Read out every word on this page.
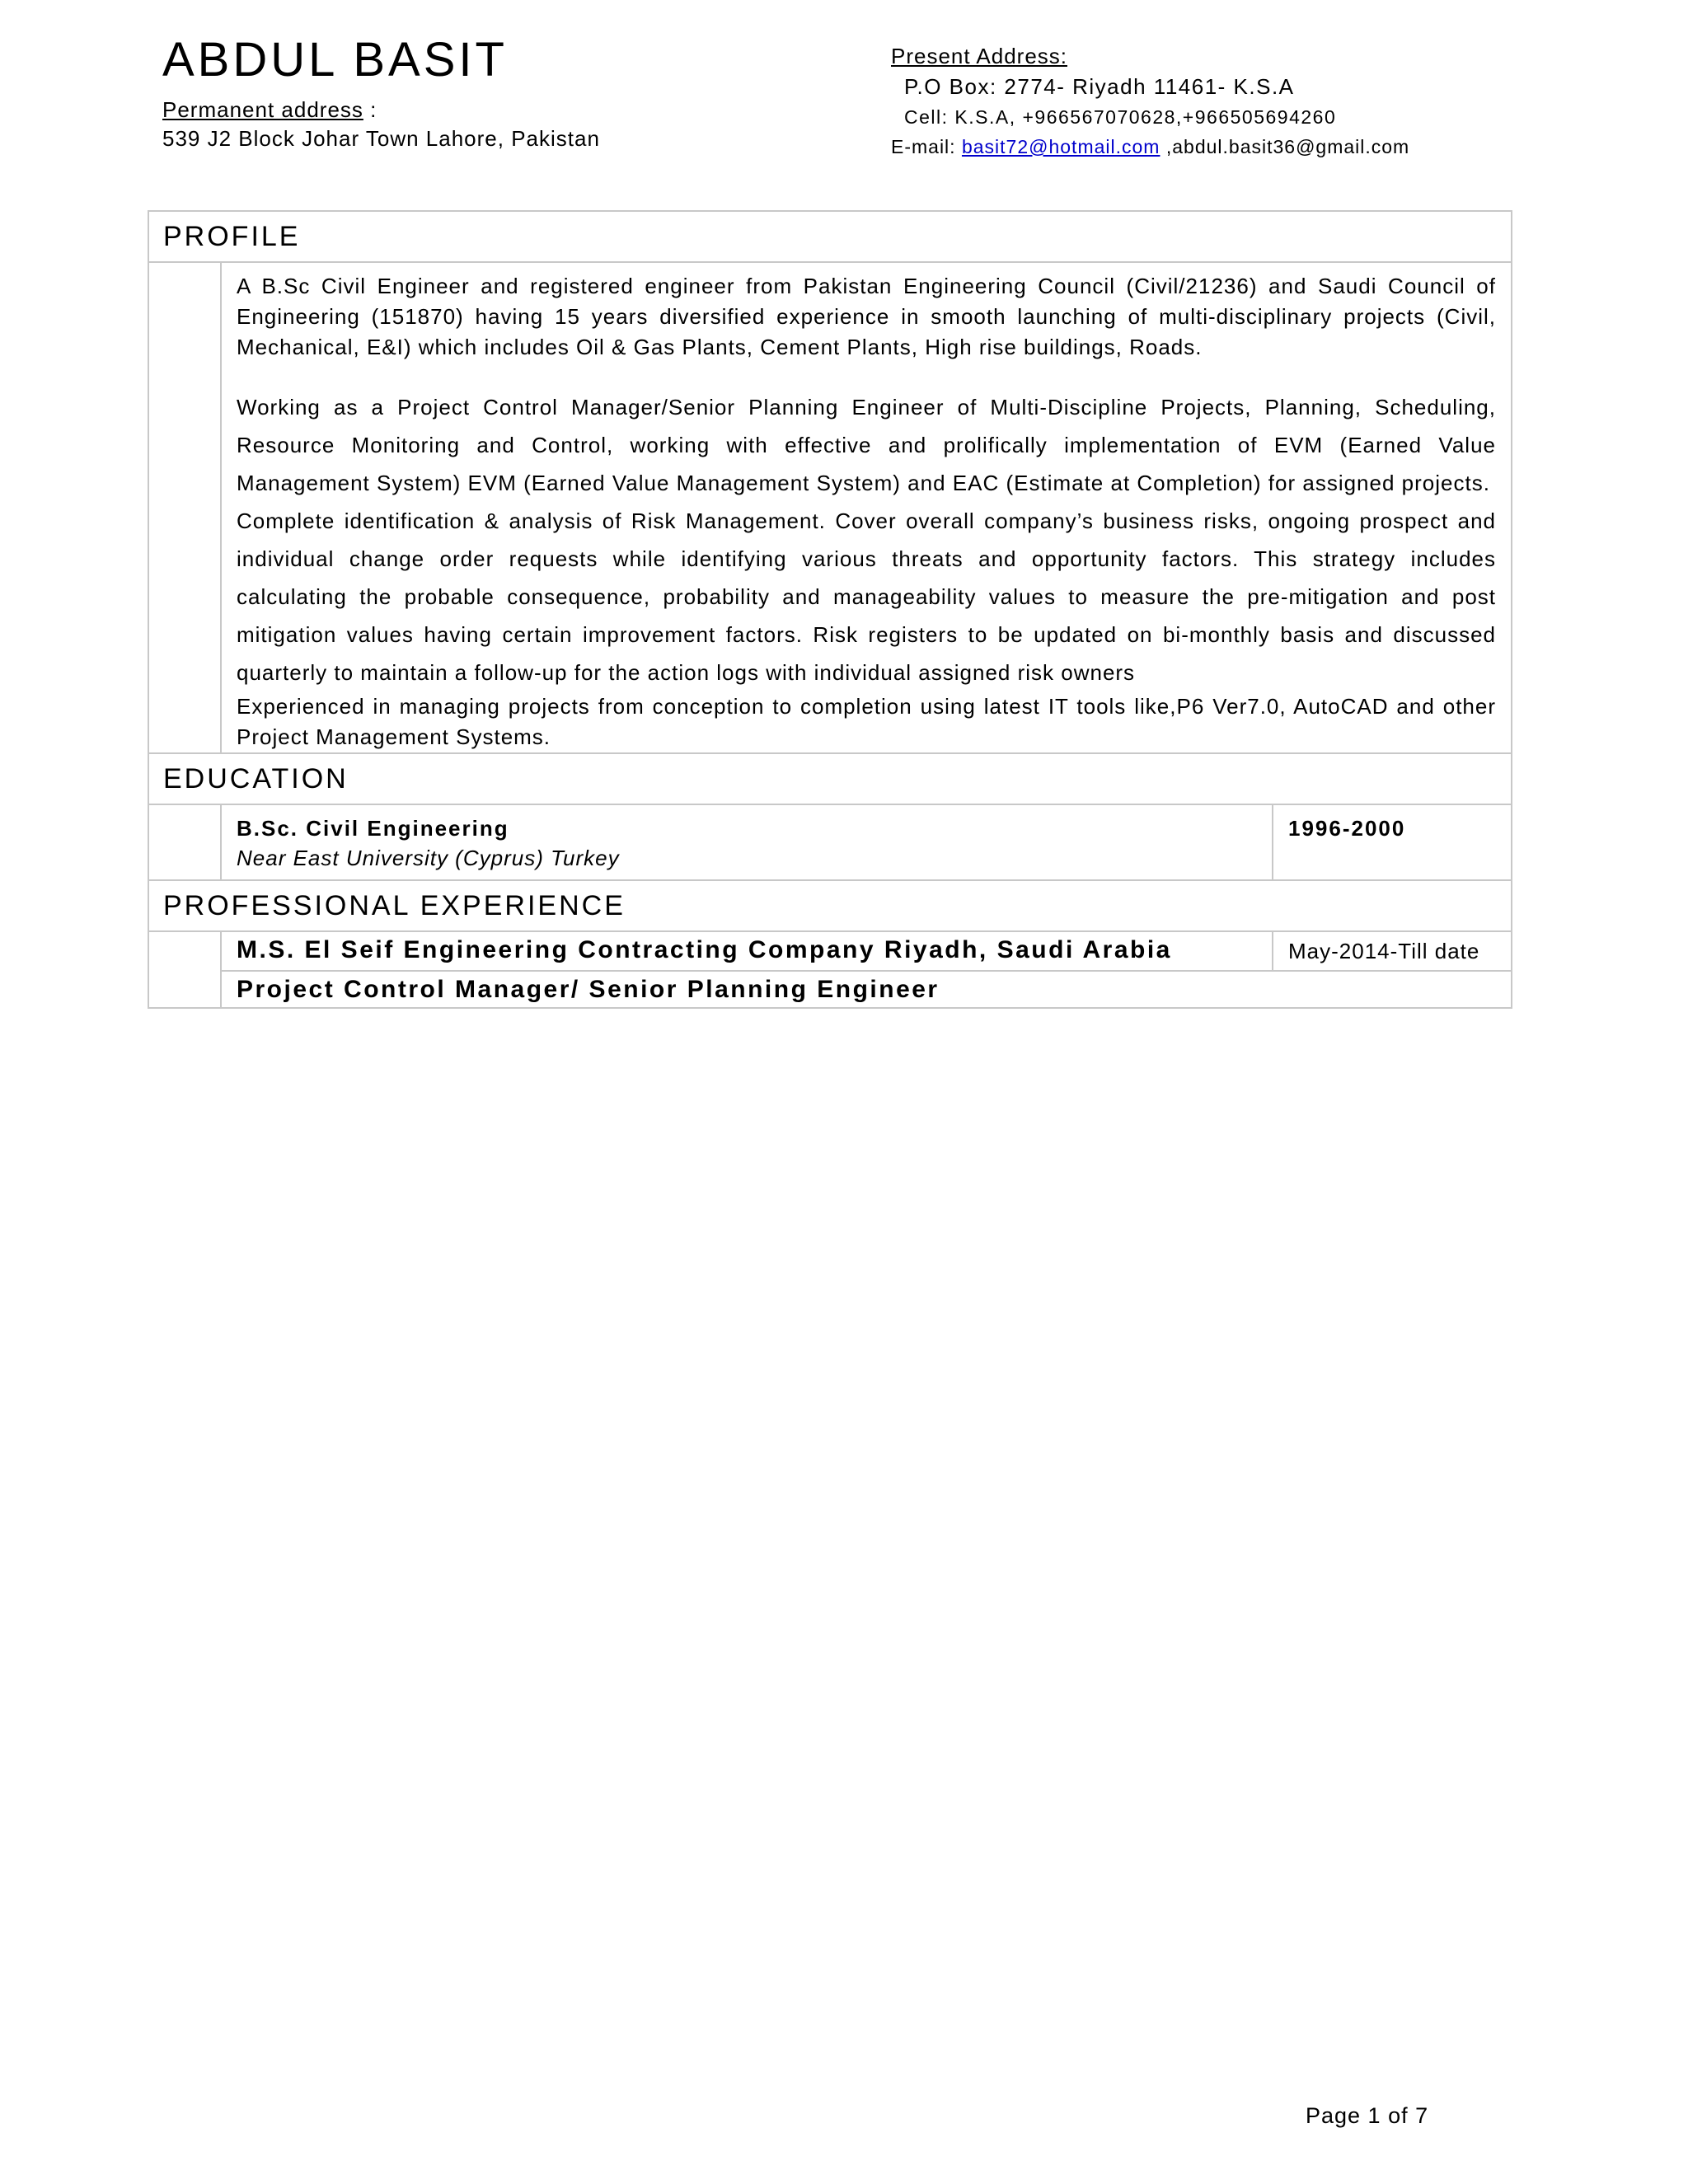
ABDUL BASIT
Permanent address :
539 J2 Block Johar Town Lahore, Pakistan
Present Address:
P.O Box: 2774- Riyadh 11461- K.S.A
Cell: K.S.A, +966567070628,+966505694260
E-mail: basit72@hotmail.com ,abdul.basit36@gmail.com
PROFILE		

	A B.Sc Civil Engineer and registered engineer from Pakistan Engineering Council (Civil/21236) and Saudi Council of Engineering (151870) having 15 years diversified experience in smooth launching of multi-disciplinary projects (Civil, Mechanical, E&I) which includes Oil & Gas Plants, Cement Plants, High rise buildings, Roads.

Working as a Project Control Manager/Senior Planning Engineer of Multi-Discipline Projects, Planning, Scheduling, Resource Monitoring and Control, working with effective and prolifically implementation of EVM (Earned Value Management System) EVM (Earned Value Management System) and EAC (Estimate at Completion) for assigned projects.

Complete identification & analysis of Risk Management. Cover overall company’s business risks, ongoing prospect and individual change order requests while identifying various threats and opportunity factors. This strategy includes calculating the probable consequence, probability and manageability values to measure the pre-mitigation and post mitigation values having certain improvement factors. Risk registers to be updated on bi-monthly basis and discussed quarterly to maintain a follow-up for the action logs with individual assigned risk owners

Experienced in managing projects from conception to completion using latest IT tools like,P6 Ver7.0, AutoCAD and other Project Management Systems.	

EDUCATION		

	B.Sc. Civil Engineering
Near East University (Cyprus) Turkey	1996-2000
PROFESSIONAL EXPERIENCE		
	M.S. El Seif Engineering Contracting Company Riyadh, Saudi Arabia	May-2014-Till date
	Project Control Manager/ Senior Planning Engineer	
Page 1 of 7
